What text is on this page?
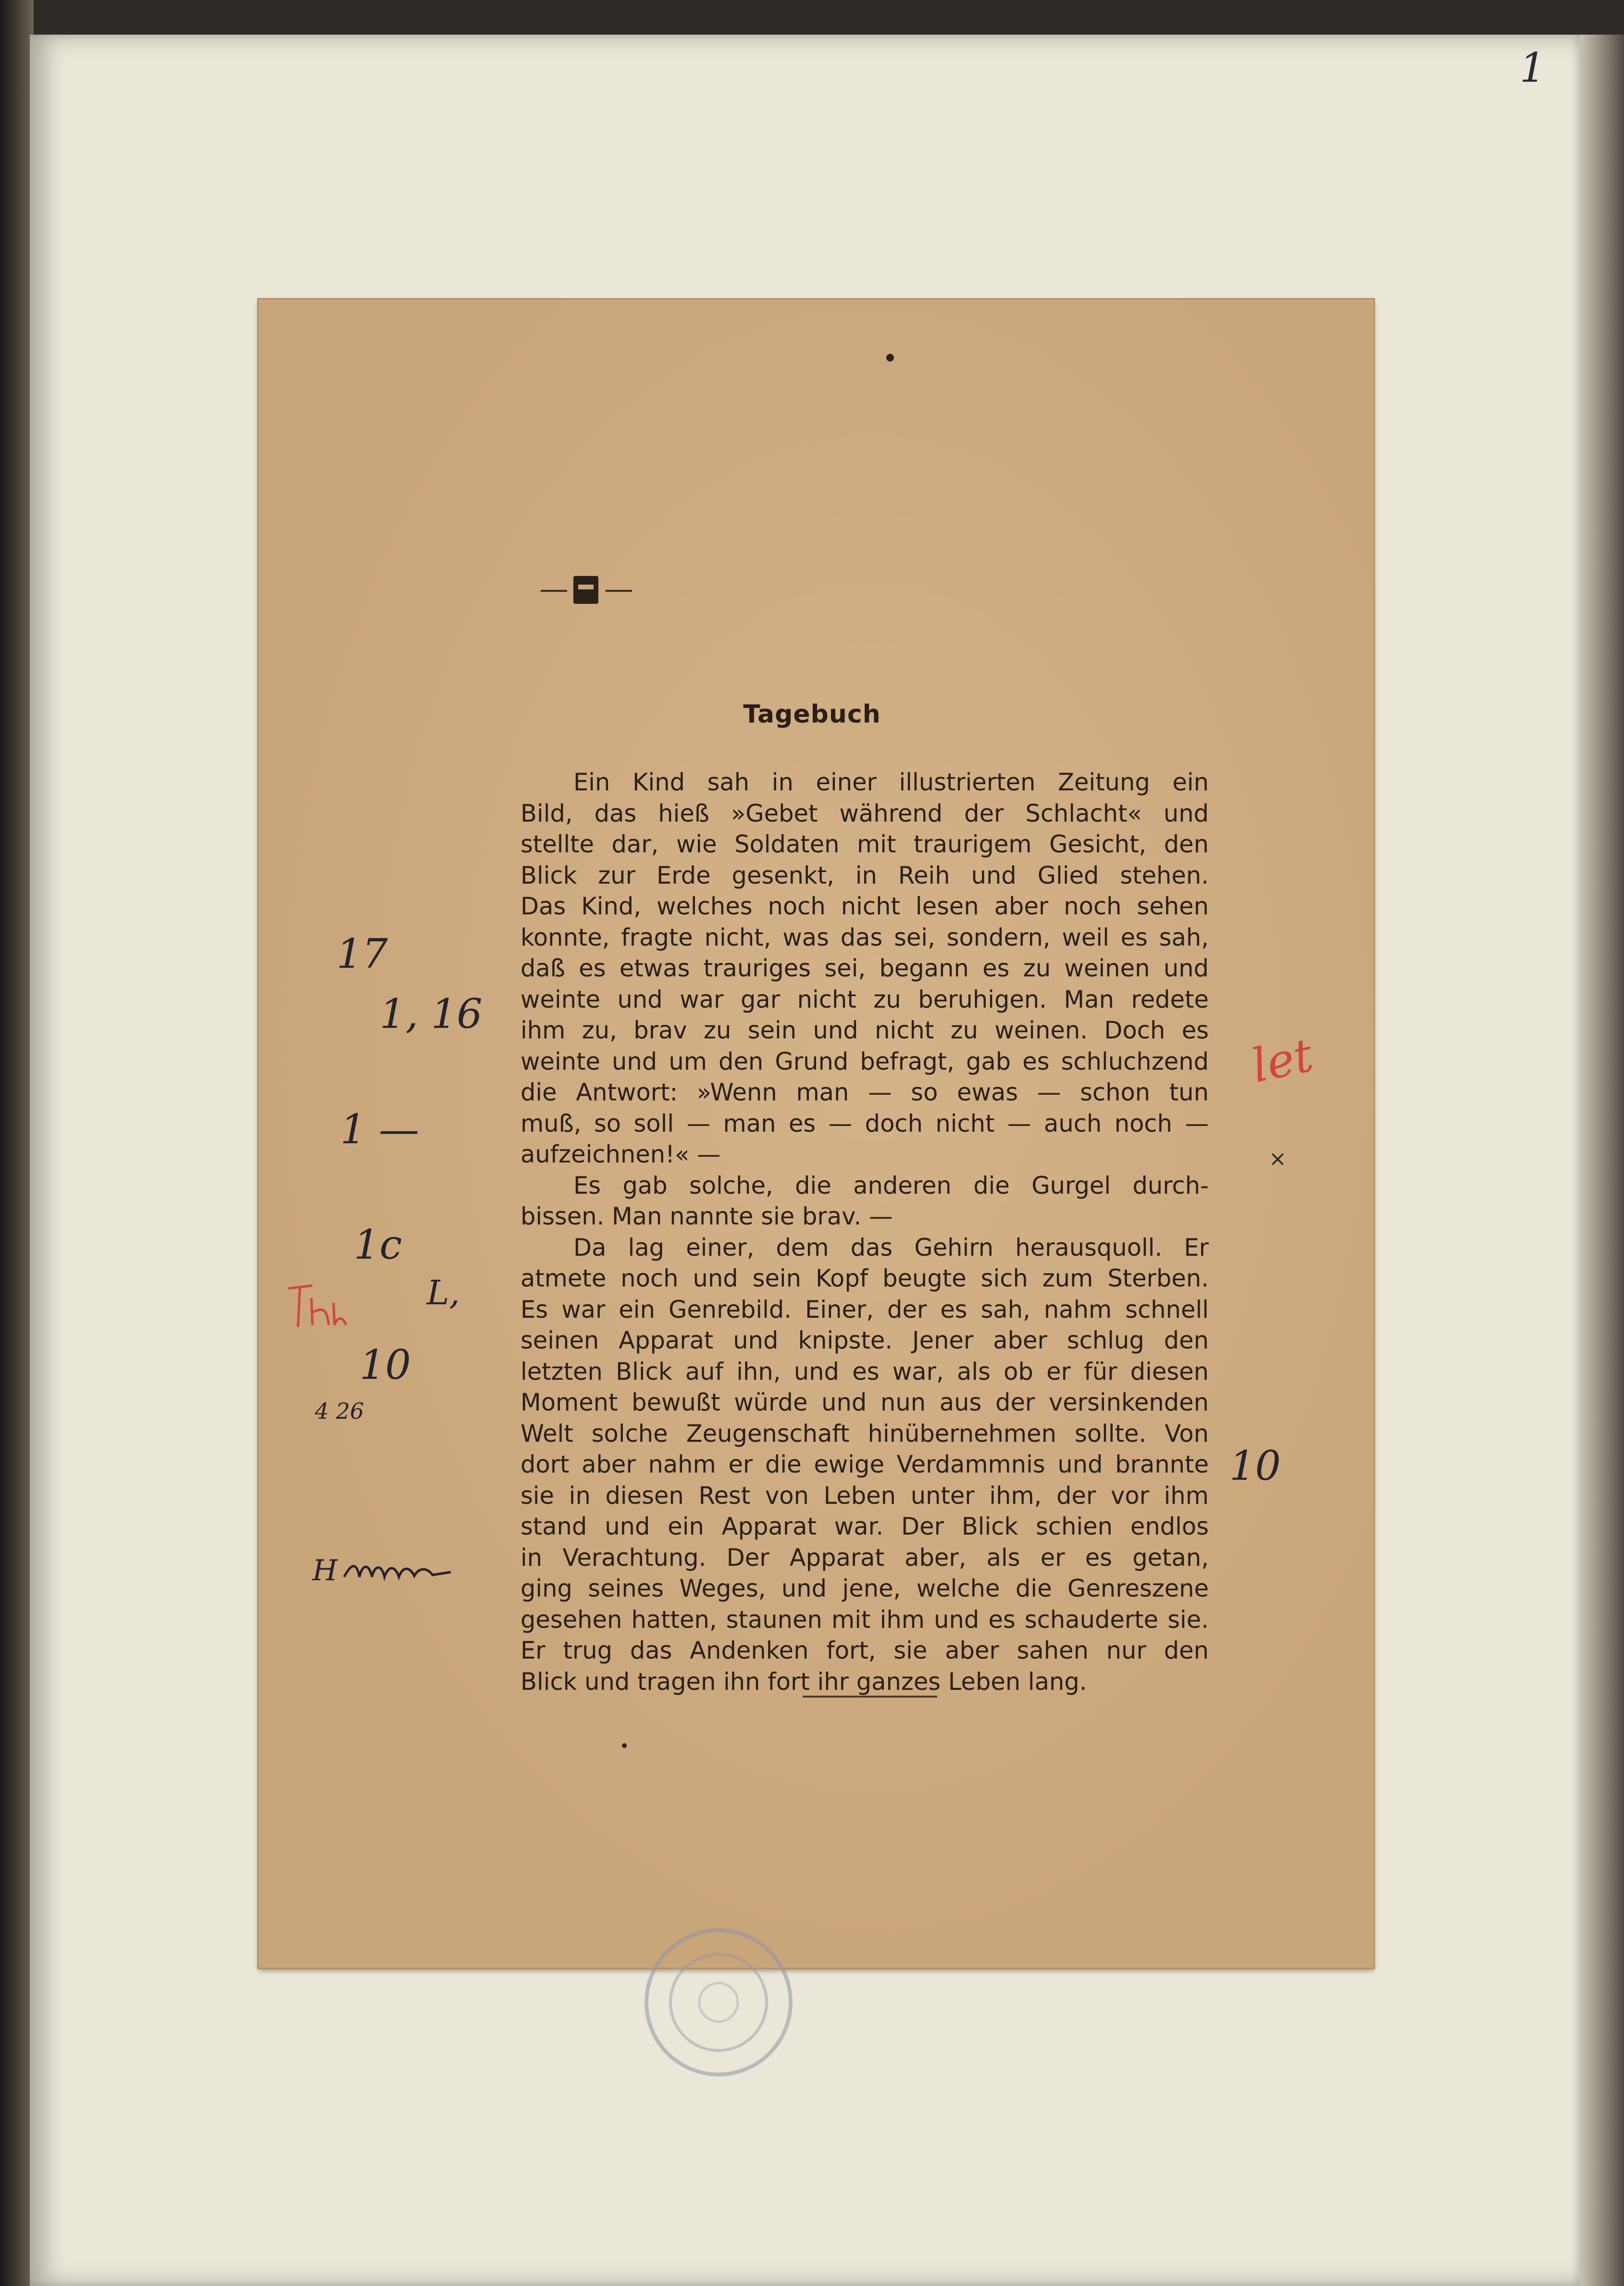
1
Tagebuch
Ein Kind sah in einer illustrierten Zeitung ein
Bild, das hieß »Gebet während der Schlacht« und
stellte dar, wie Soldaten mit traurigem Gesicht, den
Blick zur Erde gesenkt, in Reih und Glied stehen.
Das Kind, welches noch nicht lesen aber noch sehen
konnte, fragte nicht, was das sei, sondern, weil es sah,
daß es etwas trauriges sei, begann es zu weinen und
weinte und war gar nicht zu beruhigen. Man redete
ihm zu, brav zu sein und nicht zu weinen. Doch es
weinte und um den Grund befragt, gab es schluchzend
die Antwort: »Wenn man — so ewas — schon tun
muß, so soll — man es — doch nicht — auch noch —
aufzeichnen!« —
Es gab solche, die anderen die Gurgel durch-
bissen. Man nannte sie brav. —
Da lag einer, dem das Gehirn herausquoll. Er
atmete noch und sein Kopf beugte sich zum Sterben.
Es war ein Genrebild. Einer, der es sah, nahm schnell
seinen Apparat und knipste. Jener aber schlug den
letzten Blick auf ihn, und es war, als ob er für diesen
Moment bewußt würde und nun aus der versinkenden
Welt solche Zeugenschaft hinübernehmen sollte. Von
dort aber nahm er die ewige Verdammnis und brannte
sie in diesen Rest von Leben unter ihm, der vor ihm
stand und ein Apparat war. Der Blick schien endlos
in Verachtung. Der Apparat aber, als er es getan,
ging seines Weges, und jene, welche die Genreszene
gesehen hatten, staunen mit ihm und es schauderte sie.
Er trug das Andenken fort, sie aber sahen nur den
Blick und tragen ihn fort ihr ganzes Leben lang.
17
1, 16
1 —
1c
L,
10
4 26
H
10
let
×
